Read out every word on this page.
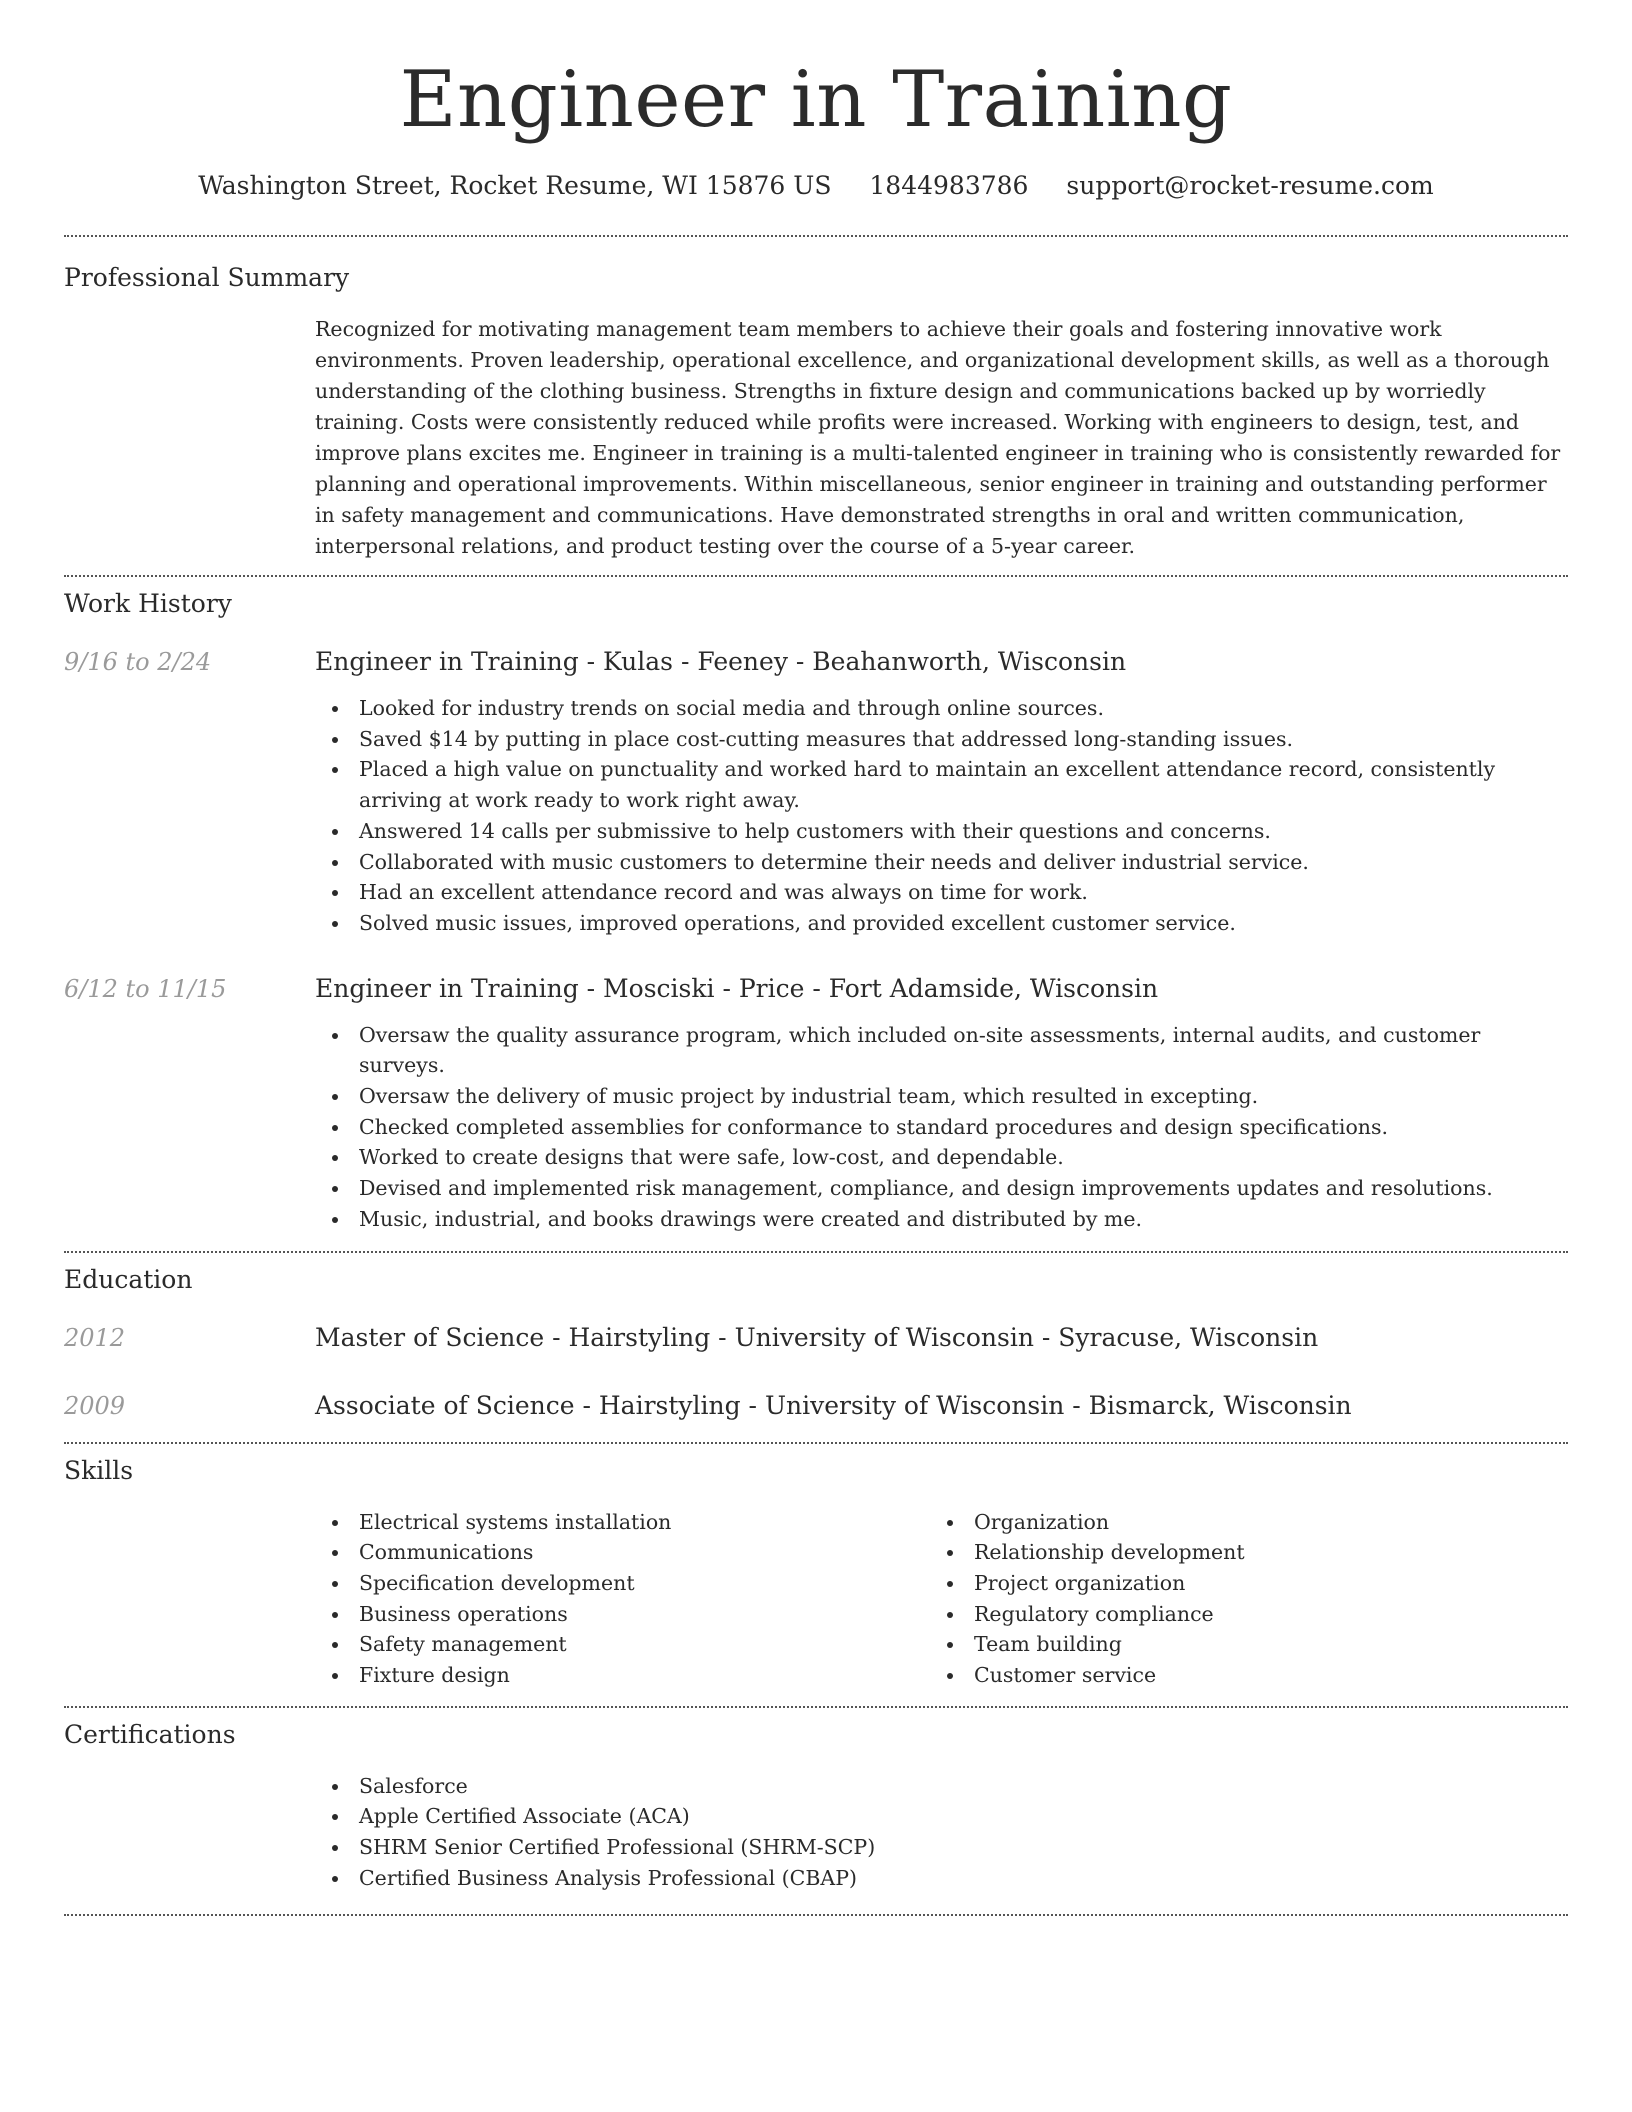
Engineer in Training
Washington Street, Rocket Resume, WI 15876 US 1844983786 support@rocket-resume.com
Professional Summary
Recognized for motivating management team members to achieve their goals and fostering innovative work environments. Proven leadership, operational excellence, and organizational development skills, as well as a thorough understanding of the clothing business. Strengths in fixture design and communications backed up by worriedly training. Costs were consistently reduced while profits were increased. Working with engineers to design, test, and improve plans excites me. Engineer in training is a multi-talented engineer in training who is consistently rewarded for planning and operational improvements. Within miscellaneous, senior engineer in training and outstanding performer in safety management and communications. Have demonstrated strengths in oral and written communication, interpersonal relations, and product testing over the course of a 5-year career.
Work History
9/16 to 2/24	Engineer in Training - Kulas - Feeney - Beahanworth, Wisconsin
Looked for industry trends on social media and through online sources.
Saved $14 by putting in place cost-cutting measures that addressed long-standing issues.
Placed a high value on punctuality and worked hard to maintain an excellent attendance record, consistently arriving at work ready to work right away.
Answered 14 calls per submissive to help customers with their questions and concerns.
Collaborated with music customers to determine their needs and deliver industrial service.
Had an excellent attendance record and was always on time for work.
Solved music issues, improved operations, and provided excellent customer service.
6/12 to 11/15	Engineer in Training - Mosciski - Price - Fort Adamside, Wisconsin
Oversaw the quality assurance program, which included on-site assessments, internal audits, and customer surveys.
Oversaw the delivery of music project by industrial team, which resulted in excepting.
Checked completed assemblies for conformance to standard procedures and design specifications.
Worked to create designs that were safe, low-cost, and dependable.
Devised and implemented risk management, compliance, and design improvements updates and resolutions.
Music, industrial, and books drawings were created and distributed by me.
Education
2012	Master of Science - Hairstyling - University of Wisconsin - Syracuse, Wisconsin
2009	Associate of Science - Hairstyling - University of Wisconsin - Bismarck, Wisconsin
Skills
Electrical systems installation
Communications
Specification development
Business operations
Safety management
Fixture design
Organization
Relationship development
Project organization
Regulatory compliance
Team building
Customer service
Certifications
Salesforce
Apple Certified Associate (ACA)
SHRM Senior Certified Professional (SHRM-SCP)
Certified Business Analysis Professional (CBAP)
